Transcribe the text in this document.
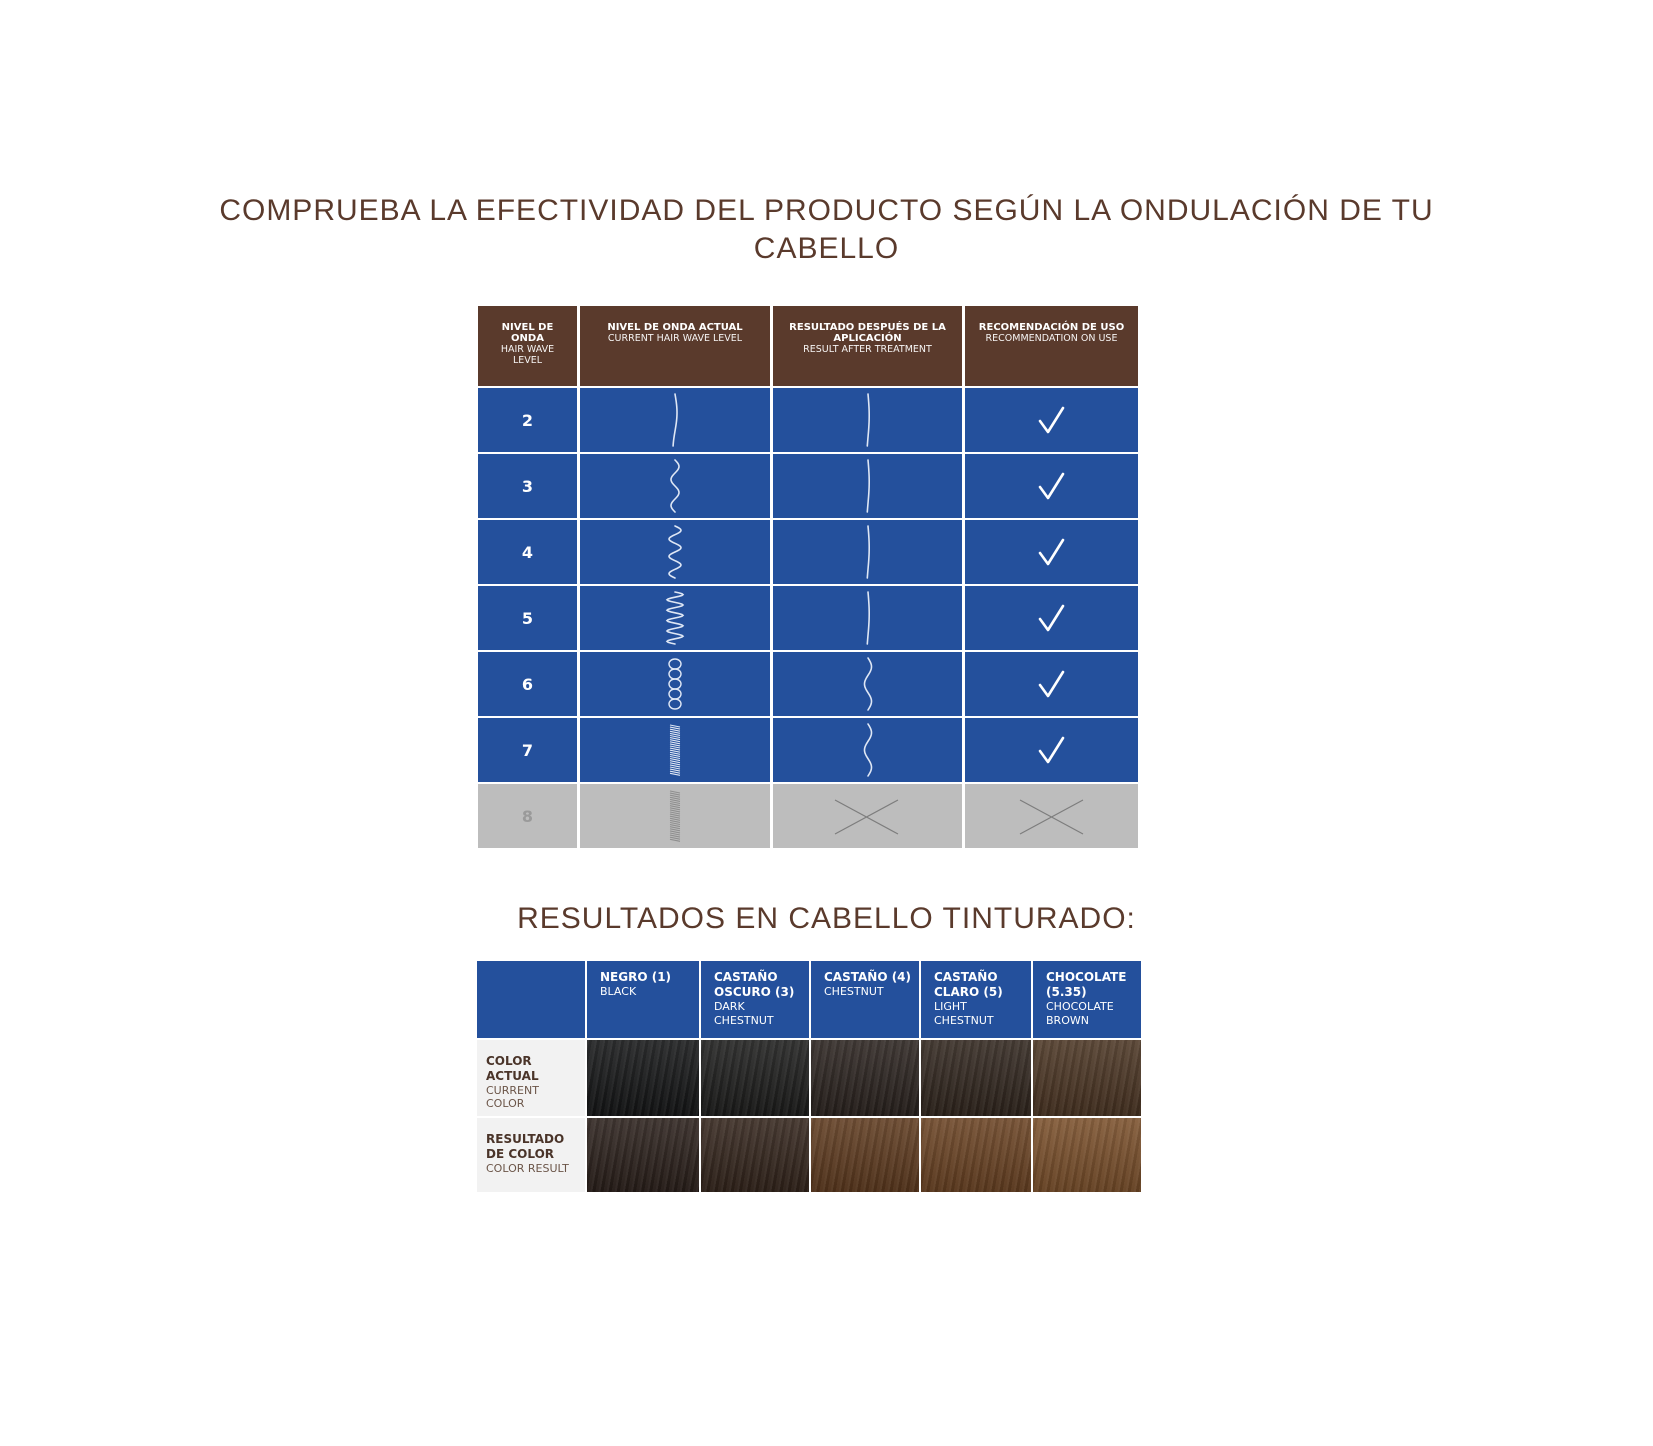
COMPRUEBA LA EFECTIVIDAD DEL PRODUCTO SEGÚN LA ONDULACIÓN DE TU CABELLO
NIVEL DE ONDA
HAIR WAVE LEVEL
NIVEL DE ONDA ACTUAL
CURRENT HAIR WAVE LEVEL
RESULTADO DESPUÉS DE LA APLICACIÓN
RESULT AFTER TREATMENT
RECOMENDACIÓN DE USO
RECOMMENDATION ON USE
2
3
4
5
6
7
8
RESULTADOS EN CABELLO TINTURADO:
NEGRO (1)
BLACK
CASTAÑO OSCURO (3)
DARK CHESTNUT
CASTAÑO (4)
CHESTNUT
CASTAÑO CLARO (5)
LIGHT CHESTNUT
CHOCOLATE (5.35)
CHOCOLATE BROWN
COLOR ACTUAL
CURRENT COLOR
RESULTADO DE COLOR
COLOR RESULT
